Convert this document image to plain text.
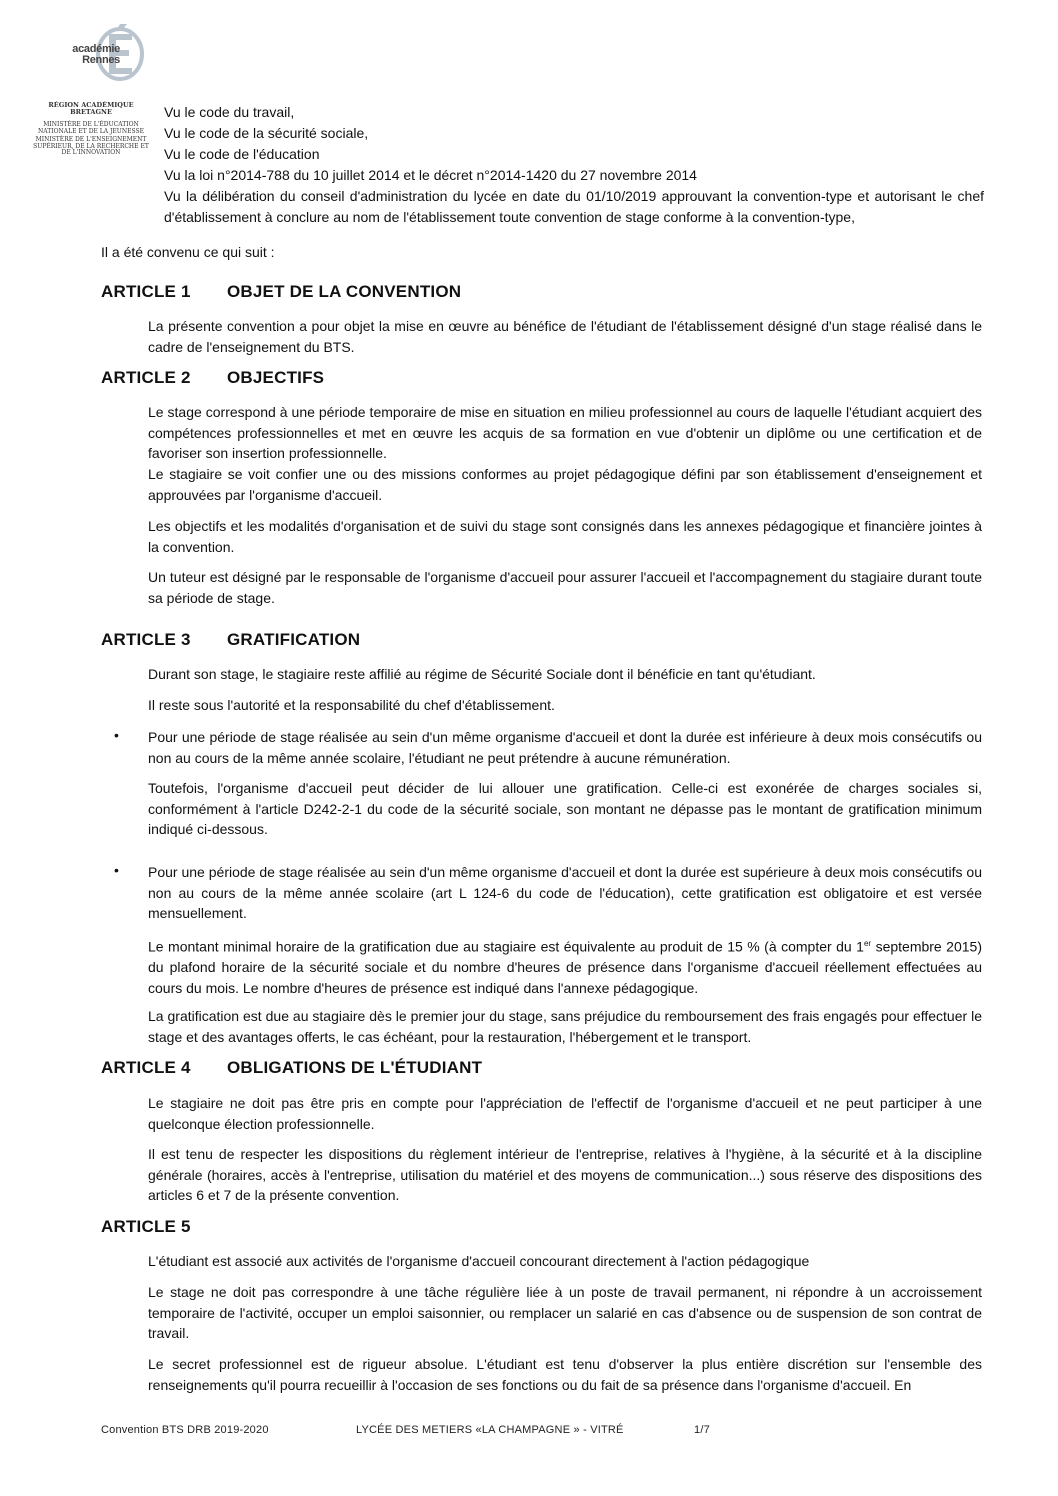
académie
Rennes
RÉGION ACADÉMIQUE BRETAGNE
MINISTÈRE DE L'ÉDUCATION NATIONALE ET DE LA JEUNESSE
MINISTÈRE DE L'ENSEIGNEMENT SUPÉRIEUR, DE LA RECHERCHE ET DE L'INNOVATION
Vu le code du travail,
Vu le code de la sécurité sociale,
Vu le code de l'éducation
Vu la loi n°2014-788 du 10 juillet 2014 et le décret n°2014-1420 du 27 novembre 2014
Vu la délibération du conseil d'administration du lycée en date du 01/10/2019 approuvant la convention-type et autorisant le chef d'établissement à conclure au nom de l'établissement toute convention de stage conforme à la convention-type,
Il a été convenu ce qui suit :
ARTICLE 1 OBJET DE LA CONVENTION
La présente convention a pour objet la mise en œuvre au bénéfice de l'étudiant de l'établissement désigné d'un stage réalisé dans le cadre de l'enseignement du BTS.
ARTICLE 2 OBJECTIFS
Le stage correspond à une période temporaire de mise en situation en milieu professionnel au cours de laquelle l'étudiant acquiert des compétences professionnelles et met en œuvre les acquis de sa formation en vue d'obtenir un diplôme ou une certification et de favoriser son insertion professionnelle.
Le stagiaire se voit confier une ou des missions conformes au projet pédagogique défini par son établissement d'enseignement et approuvées par l'organisme d'accueil.
Les objectifs et les modalités d'organisation et de suivi du stage sont consignés dans les annexes pédagogique et financière jointes à la convention.
Un tuteur est désigné par le responsable de l'organisme d'accueil pour assurer l'accueil et l'accompagnement du stagiaire durant toute sa période de stage.
ARTICLE 3 GRATIFICATION
Durant son stage, le stagiaire reste affilié au régime de Sécurité Sociale dont il bénéficie en tant qu'étudiant.
Il reste sous l'autorité et la responsabilité du chef d'établissement.
• Pour une période de stage réalisée au sein d'un même organisme d'accueil et dont la durée est inférieure à deux mois consécutifs ou non au cours de la même année scolaire, l'étudiant ne peut prétendre à aucune rémunération.
Toutefois, l'organisme d'accueil peut décider de lui allouer une gratification. Celle-ci est exonérée de charges sociales si, conformément à l'article D242-2-1 du code de la sécurité sociale, son montant ne dépasse pas le montant de gratification minimum indiqué ci-dessous.
• Pour une période de stage réalisée au sein d'un même organisme d'accueil et dont la durée est supérieure à deux mois consécutifs ou non au cours de la même année scolaire (art L 124-6 du code de l'éducation), cette gratification est obligatoire et est versée mensuellement.
Le montant minimal horaire de la gratification due au stagiaire est équivalente au produit de 15 % (à compter du 1er septembre 2015) du plafond horaire de la sécurité sociale et du nombre d'heures de présence dans l'organisme d'accueil réellement effectuées au cours du mois. Le nombre d'heures de présence est indiqué dans l'annexe pédagogique.
La gratification est due au stagiaire dès le premier jour du stage, sans préjudice du remboursement des frais engagés pour effectuer le stage et des avantages offerts, le cas échéant, pour la restauration, l'hébergement et le transport.
ARTICLE 4 OBLIGATIONS DE L'ÉTUDIANT
Le stagiaire ne doit pas être pris en compte pour l'appréciation de l'effectif de l'organisme d'accueil et ne peut participer à une quelconque élection professionnelle.
Il est tenu de respecter les dispositions du règlement intérieur de l'entreprise, relatives à l'hygiène, à la sécurité et à la discipline générale (horaires, accès à l'entreprise, utilisation du matériel et des moyens de communication...) sous réserve des dispositions des articles 6 et 7 de la présente convention.
ARTICLE 5
L'étudiant est associé aux activités de l'organisme d'accueil concourant directement à l'action pédagogique
Le stage ne doit pas correspondre à une tâche régulière liée à un poste de travail permanent, ni répondre à un accroissement temporaire de l'activité, occuper un emploi saisonnier, ou remplacer un salarié en cas d'absence ou de suspension de son contrat de travail.
Le secret professionnel est de rigueur absolue. L'étudiant est tenu d'observer la plus entière discrétion sur l'ensemble des renseignements qu'il pourra recueillir à l'occasion de ses fonctions ou du fait de sa présence dans l'organisme d'accueil. En
Convention BTS DRB 2019-2020	LYCÉE DES METIERS «LA CHAMPAGNE » - VITRÉ	1/7
